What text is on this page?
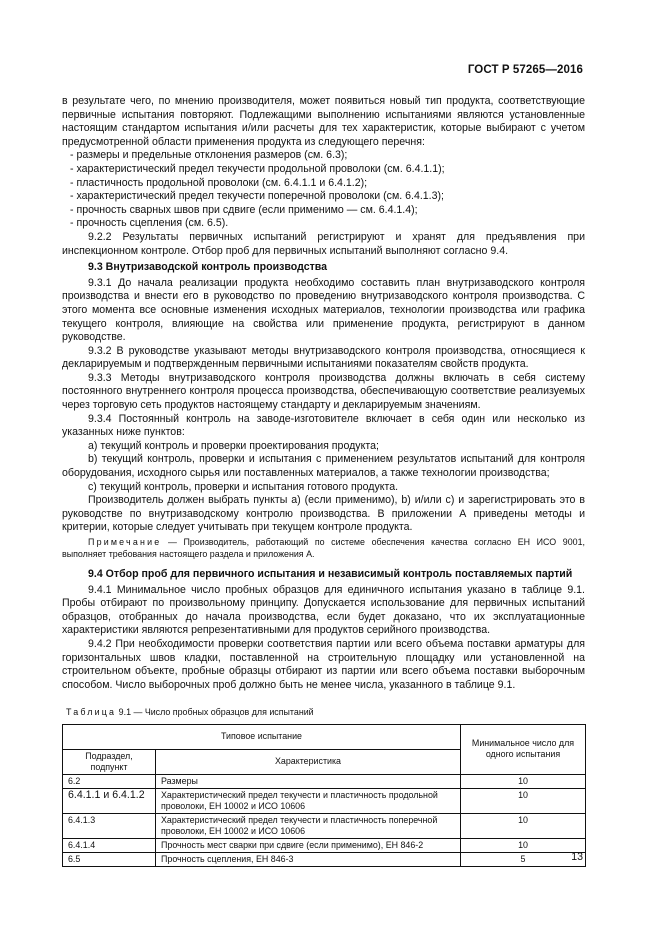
ГОСТ Р 57265—2016
в результате чего, по мнению производителя, может появиться новый тип продукта, соответствующие первичные испытания повторяют. Подлежащими выполнению испытаниями являются установленные настоящим стандартом испытания и/или расчеты для тех характеристик, которые выбирают с учетом предусмотренной области применения продукта из следующего перечня:
- размеры и предельные отклонения размеров (см. 6.3);
- характеристический предел текучести продольной проволоки (см. 6.4.1.1);
- пластичность продольной проволоки (см. 6.4.1.1 и 6.4.1.2);
- характеристический предел текучести поперечной проволоки (см. 6.4.1.3);
- прочность сварных швов при сдвиге (если применимо — см. 6.4.1.4);
- прочность сцепления (см. 6.5).
9.2.2 Результаты первичных испытаний регистрируют и хранят для предъявления при инспекционном контроле. Отбор проб для первичных испытаний выполняют согласно 9.4.
9.3 Внутризаводской контроль производства
9.3.1 До начала реализации продукта необходимо составить план внутризаводского контроля производства и внести его в руководство по проведению внутризаводского контроля производства. С этого момента все основные изменения исходных материалов, технологии производства или графика текущего контроля, влияющие на свойства или применение продукта, регистрируют в данном руководстве.
9.3.2 В руководстве указывают методы внутризаводского контроля производства, относящиеся к декларируемым и подтвержденным первичными испытаниями показателям свойств продукта.
9.3.3 Методы внутризаводского контроля производства должны включать в себя систему постоянного внутреннего контроля процесса производства, обеспечивающую соответствие реализуемых через торговую сеть продуктов настоящему стандарту и декларируемым значениям.
9.3.4 Постоянный контроль на заводе-изготовителе включает в себя один или несколько из указанных ниже пунктов:
a) текущий контроль и проверки проектирования продукта;
b) текущий контроль, проверки и испытания с применением результатов испытаний для контроля оборудования, исходного сырья или поставленных материалов, а также технологии производства;
c) текущий контроль, проверки и испытания готового продукта.
Производитель должен выбрать пункты a) (если применимо), b) и/или c) и зарегистрировать это в руководстве по внутризаводскому контролю производства. В приложении А приведены методы и критерии, которые следует учитывать при текущем контроле продукта.
Примечание — Производитель, работающий по системе обеспечения качества согласно ЕН ИСО 9001, выполняет требования настоящего раздела и приложения А.
9.4 Отбор проб для первичного испытания и независимый контроль поставляемых партий
9.4.1 Минимальное число пробных образцов для единичного испытания указано в таблице 9.1. Пробы отбирают по произвольному принципу. Допускается использование для первичных испытаний образцов, отобранных до начала производства, если будет доказано, что их эксплуатационные характеристики являются репрезентативными для продуктов серийного производства.
9.4.2 При необходимости проверки соответствия партии или всего объема поставки арматуры для горизонтальных швов кладки, поставленной на строительную площадку или установленной на строительном объекте, пробные образцы отбирают из партии или всего объема поставки выборочным способом. Число выборочных проб должно быть не менее числа, указанного в таблице 9.1.
Таблица 9.1 — Число пробных образцов для испытаний
Типовое испытание		Минимальное число для одного испытания
Подраздел, подпункт	Характеристика	
6.2	Размеры	10
6.4.1.1 и 6.4.1.2	Характеристический предел текучести и пластичность продольной проволоки, ЕН 10002 и ИСО 10606	10
6.4.1.3	Характеристический предел текучести и пластичность поперечной проволоки, ЕН 10002 и ИСО 10606	10
6.4.1.4	Прочность мест сварки при сдвиге (если применимо), ЕН 846-2	10
6.5	Прочность сцепления, ЕН 846-3	5	13
